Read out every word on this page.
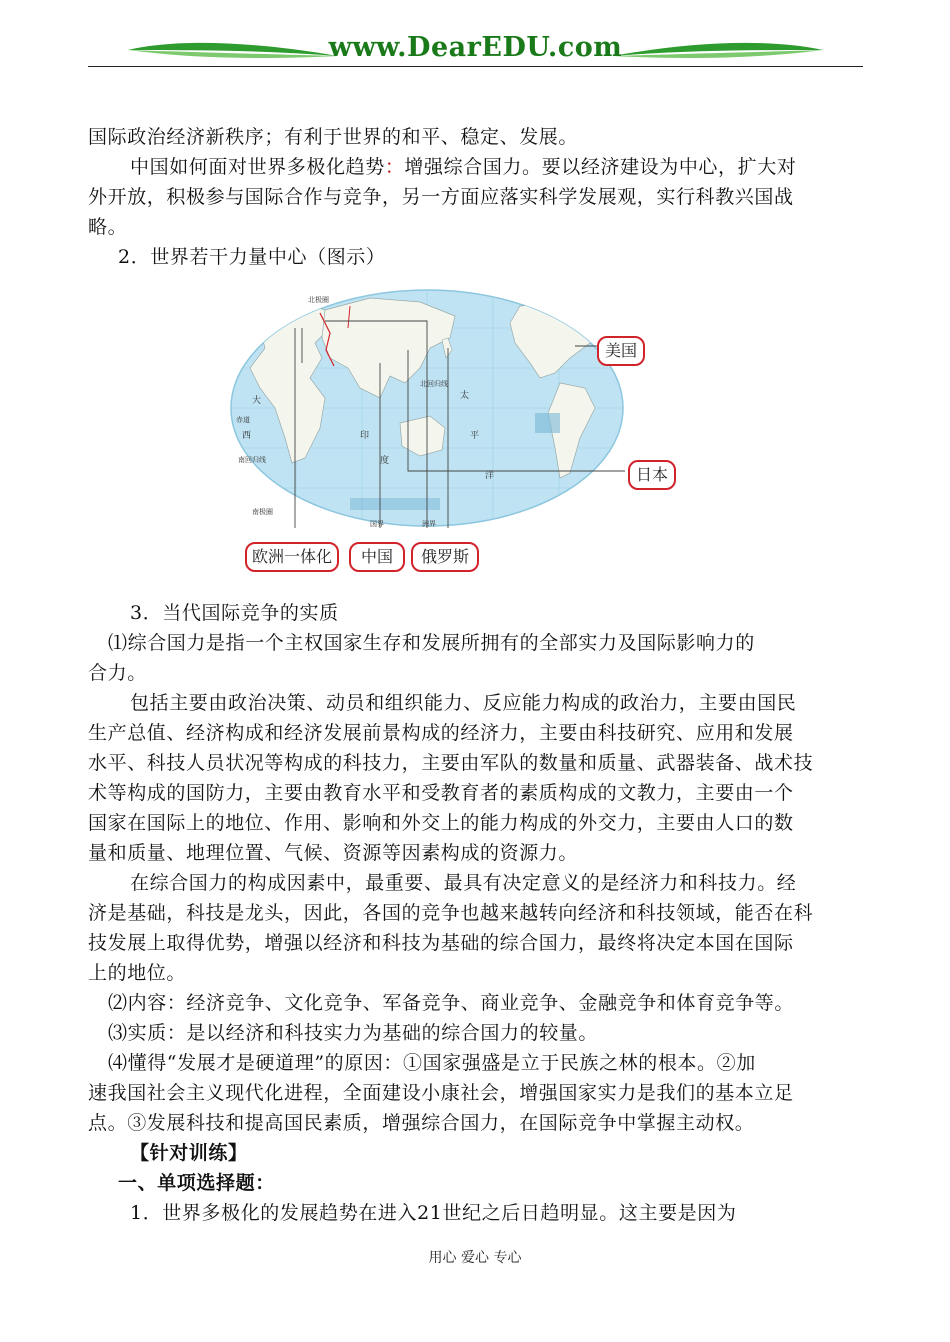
www.DearEDU.com
国际政治经济新秩序；有利于世界的和平、稳定、发展。
中国如何面对世界多极化趋势：增强综合国力。要以经济建设为中心，扩大对
外开放，积极参与国际合作与竞争，另一方面应落实科学发展观，实行科教兴国战
略。
2．世界若干力量中心（图示）
北极圈
北回归线
赤道
南回归线
南极圈
太
平
洋
大
西	印
度
国界	洲界
美国
日本
欧洲一体化	中国	俄罗斯
3．当代国际竞争的实质
⑴综合国力是指一个主权国家生存和发展所拥有的全部实力及国际影响力的
合力。
包括主要由政治决策、动员和组织能力、反应能力构成的政治力，主要由国民
生产总值、经济构成和经济发展前景构成的经济力，主要由科技研究、应用和发展
水平、科技人员状况等构成的科技力，主要由军队的数量和质量、武器装备、战术技
术等构成的国防力，主要由教育水平和受教育者的素质构成的文教力，主要由一个
国家在国际上的地位、作用、影响和外交上的能力构成的外交力，主要由人口的数
量和质量、地理位置、气候、资源等因素构成的资源力。
在综合国力的构成因素中，最重要、最具有决定意义的是经济力和科技力。经
济是基础，科技是龙头，因此，各国的竞争也越来越转向经济和科技领域，能否在科
技发展上取得优势，增强以经济和科技为基础的综合国力，最终将决定本国在国际
上的地位。
⑵内容：经济竞争、文化竞争、军备竞争、商业竞争、金融竞争和体育竞争等。
⑶实质：是以经济和科技实力为基础的综合国力的较量。
⑷懂得“发展才是硬道理”的原因：①国家强盛是立于民族之林的根本。②加
速我国社会主义现代化进程，全面建设小康社会，增强国家实力是我们的基本立足
点。③发展科技和提高国民素质，增强综合国力，在国际竞争中掌握主动权。
【针对训练】
一、单项选择题：
1．世界多极化的发展趋势在进入21世纪之后日趋明显。这主要是因为
用心 爱心 专心
